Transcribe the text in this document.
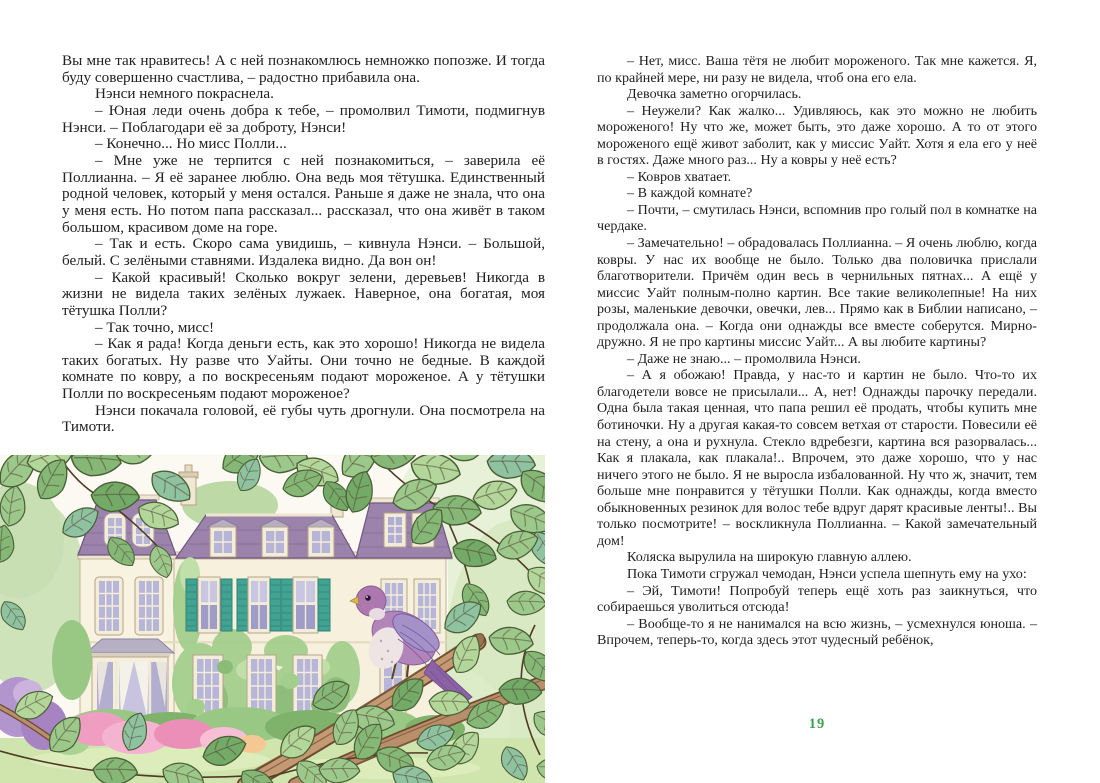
Вы мне так нравитесь! А с ней познакомлюсь немножко попозже. И тогда буду совершенно счастлива, – радостно прибавила она.

Нэнси немного покраснела.

– Юная леди очень добра к тебе, – промолвил Тимоти, подмигнув Нэнси. – Поблагодари её за доброту, Нэнси!

– Конечно... Но мисс Полли...

– Мне уже не терпится с ней познакомиться, – заверила её Поллианна. – Я её заранее люблю. Она ведь моя тётушка. Единственный родной человек, который у меня остался. Раньше я даже не знала, что она у меня есть. Но потом папа рассказал... рассказал, что она живёт в таком большом, красивом доме на горе.

– Так и есть. Скоро сама увидишь, – кивнула Нэнси. – Большой, белый. С зелёными ставнями. Издалека видно. Да вон он!

– Какой красивый! Сколько вокруг зелени, деревьев! Никогда в жизни не видела таких зелёных лужаек. Наверное, она богатая, моя тётушка Полли?

– Так точно, мисс!

– Как я рада! Когда деньги есть, как это хорошо! Никогда не видела таких богатых. Ну разве что Уайты. Они точно не бедные. В каждой комнате по ковру, а по воскресеньям подают мороженое. А у тётушки Полли по воскресеньям подают мороженое?

Нэнси покачала головой, её губы чуть дрогнули. Она посмотрела на Тимоти.

– Нет, мисс. Ваша тётя не любит мороженого. Так мне кажется. Я, по крайней мере, ни разу не видела, чтоб она его ела.

Девочка заметно огорчилась.

– Неужели? Как жалко... Удивляюсь, как это можно не любить мороженого! Ну что же, может быть, это даже хорошо. А то от этого мороженого ещё живот заболит, как у миссис Уайт. Хотя я ела его у неё в гостях. Даже много раз... Ну а ковры у неё есть?

– Ковров хватает.

– В каждой комнате?

– Почти, – смутилась Нэнси, вспомнив про голый пол в комнатке на чердаке.

– Замечательно! – обрадовалась Поллианна. – Я очень люблю, когда ковры. У нас их вообще не было. Только два половичка прислали благотворители. Причём один весь в чернильных пятнах... А ещё у миссис Уайт полным-полно картин. Все такие великолепные! На них розы, маленькие девочки, овечки, лев... Прямо как в Библии написано, – продолжала она. – Когда они однажды все вместе соберутся. Мирно-дружно. Я не про картины миссис Уайт... А вы любите картины?

– Даже не знаю... – промолвила Нэнси.

– А я обожаю! Правда, у нас-то и картин не было. Что-то их благодетели вовсе не присылали... А, нет! Однажды парочку передали. Одна была такая ценная, что папа решил её продать, чтобы купить мне ботиночки. Ну а другая какая-то совсем ветхая от старости. Повесили её на стену, а она и рухнула. Стекло вдребезги, картина вся разорвалась... Как я плакала, как плакала!.. Впрочем, это даже хорошо, что у нас ничего этого не было. Я не выросла избалованной. Ну что ж, значит, тем больше мне понравится у тётушки Полли. Как однажды, когда вместо обыкновенных резинок для волос тебе вдруг дарят красивые ленты!.. Вы только посмотрите! – воскликнула Поллианна. – Какой замечательный дом!

Коляска вырулила на широкую главную аллею.

Пока Тимоти сгружал чемодан, Нэнси успела шепнуть ему на ухо:

– Эй, Тимоти! Попробуй теперь ещё хоть раз заикнуться, что собираешься уволиться отсюда!

– Вообще-то я не нанимался на всю жизнь, – усмехнулся юноша. – Впрочем, теперь-то, когда здесь этот чудесный ребёнок,

19
